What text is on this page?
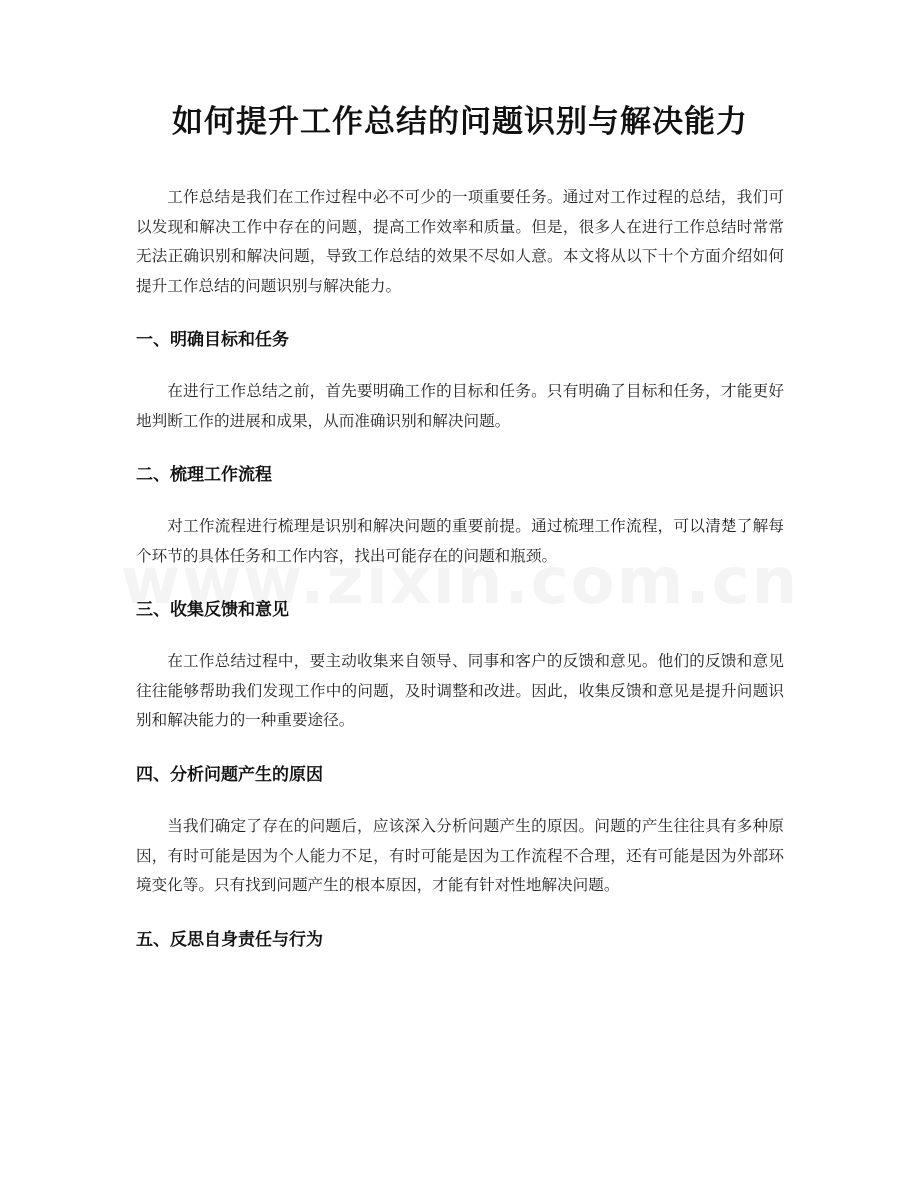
如何提升工作总结的问题识别与解决能力

工作总结是我们在工作过程中必不可少的一项重要任务。通过对工作过程的总结，我们可以发现和解决工作中存在的问题，提高工作效率和质量。但是，很多人在进行工作总结时常常无法正确识别和解决问题，导致工作总结的效果不尽如人意。本文将从以下十个方面介绍如何提升工作总结的问题识别与解决能力。

一、明确目标和任务

在进行工作总结之前，首先要明确工作的目标和任务。只有明确了目标和任务，才能更好地判断工作的进展和成果，从而准确识别和解决问题。

二、梳理工作流程

对工作流程进行梳理是识别和解决问题的重要前提。通过梳理工作流程，可以清楚了解每个环节的具体任务和工作内容，找出可能存在的问题和瓶颈。

三、收集反馈和意见

在工作总结过程中，要主动收集来自领导、同事和客户的反馈和意见。他们的反馈和意见往往能够帮助我们发现工作中的问题，及时调整和改进。因此，收集反馈和意见是提升问题识别和解决能力的一种重要途径。

四、分析问题产生的原因

当我们确定了存在的问题后，应该深入分析问题产生的原因。问题的产生往往具有多种原因，有时可能是因为个人能力不足，有时可能是因为工作流程不合理，还有可能是因为外部环境变化等。只有找到问题产生的根本原因，才能有针对性地解决问题。

五、反思自身责任与行为
